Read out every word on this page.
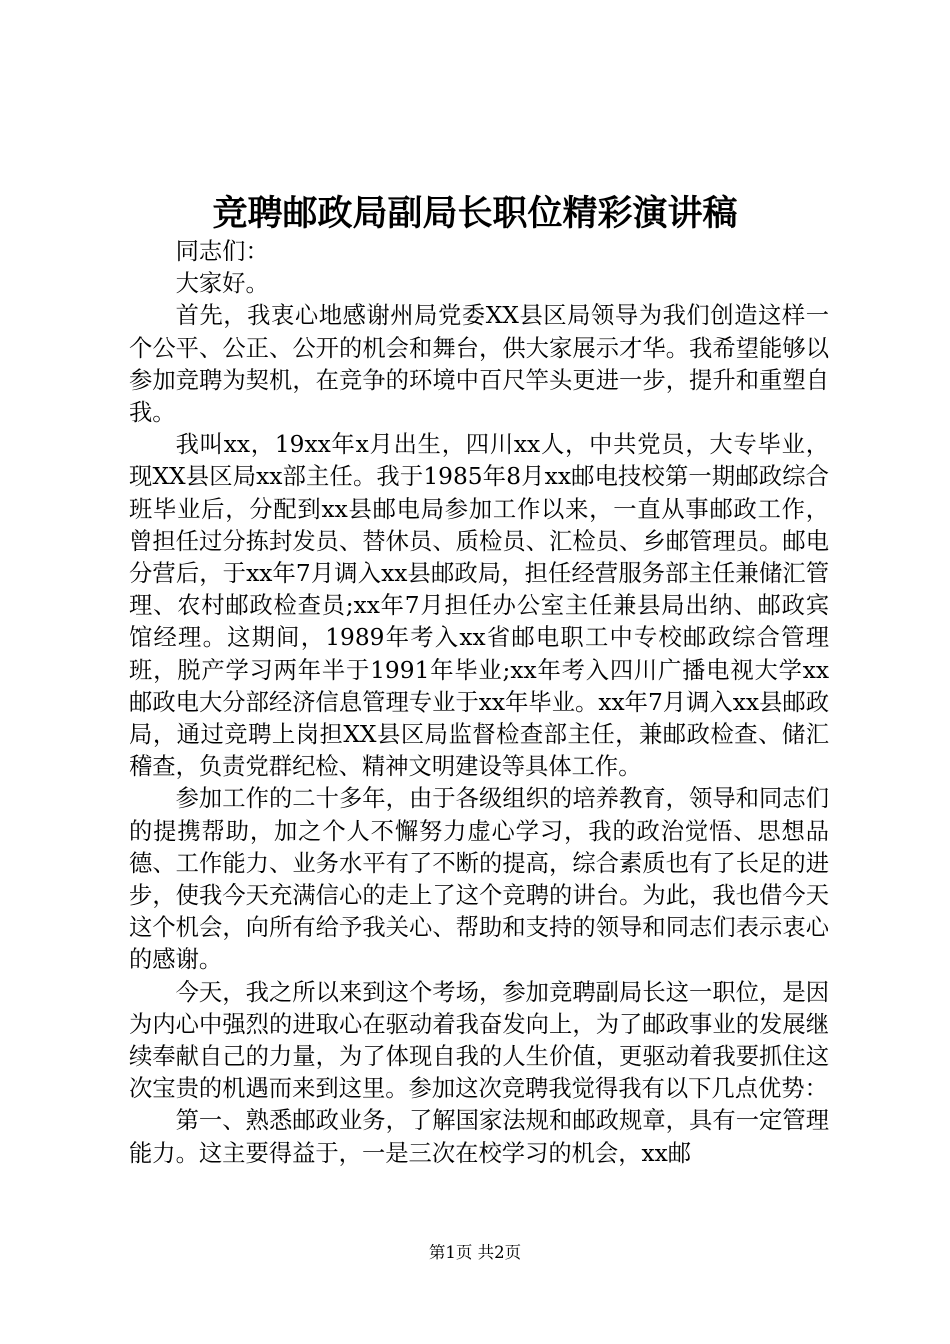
竞聘邮政局副局长职位精彩演讲稿

同志们：

大家好。

首先，我衷心地感谢州局党委XX县区局领导为我们创造这样一个公平、公正、公开的机会和舞台，供大家展示才华。我希望能够以参加竞聘为契机，在竞争的环境中百尺竿头更进一步，提升和重塑自我。

我叫xx，19xx年x月出生，四川xx人，中共党员，大专毕业，现XX县区局xx部主任。我于1985年8月xx邮电技校第一期邮政综合班毕业后，分配到xx县邮电局参加工作以来，一直从事邮政工作，曾担任过分拣封发员、替休员、质检员、汇检员、乡邮管理员。邮电分营后，于xx年7月调入xx县邮政局，担任经营服务部主任兼储汇管理、农村邮政检查员;xx年7月担任办公室主任兼县局出纳、邮政宾馆经理。这期间，1989年考入xx省邮电职工中专校邮政综合管理班，脱产学习两年半于1991年毕业;xx年考入四川广播电视大学xx邮政电大分部经济信息管理专业于xx年毕业。xx年7月调入xx县邮政局，通过竞聘上岗担XX县区局监督检查部主任，兼邮政检查、储汇稽查，负责党群纪检、精神文明建设等具体工作。

参加工作的二十多年，由于各级组织的培养教育，领导和同志们的提携帮助，加之个人不懈努力虚心学习，我的政治觉悟、思想品德、工作能力、业务水平有了不断的提高，综合素质也有了长足的进步，使我今天充满信心的走上了这个竞聘的讲台。为此，我也借今天这个机会，向所有给予我关心、帮助和支持的领导和同志们表示衷心的感谢。

今天，我之所以来到这个考场，参加竞聘副局长这一职位，是因为内心中强烈的进取心在驱动着我奋发向上，为了邮政事业的发展继续奉献自己的力量，为了体现自我的人生价值，更驱动着我要抓住这次宝贵的机遇而来到这里。参加这次竞聘我觉得我有以下几点优势：

第一、熟悉邮政业务，了解国家法规和邮政规章，具有一定管理能力。这主要得益于，一是三次在校学习的机会，xx邮

第1页 共2页
